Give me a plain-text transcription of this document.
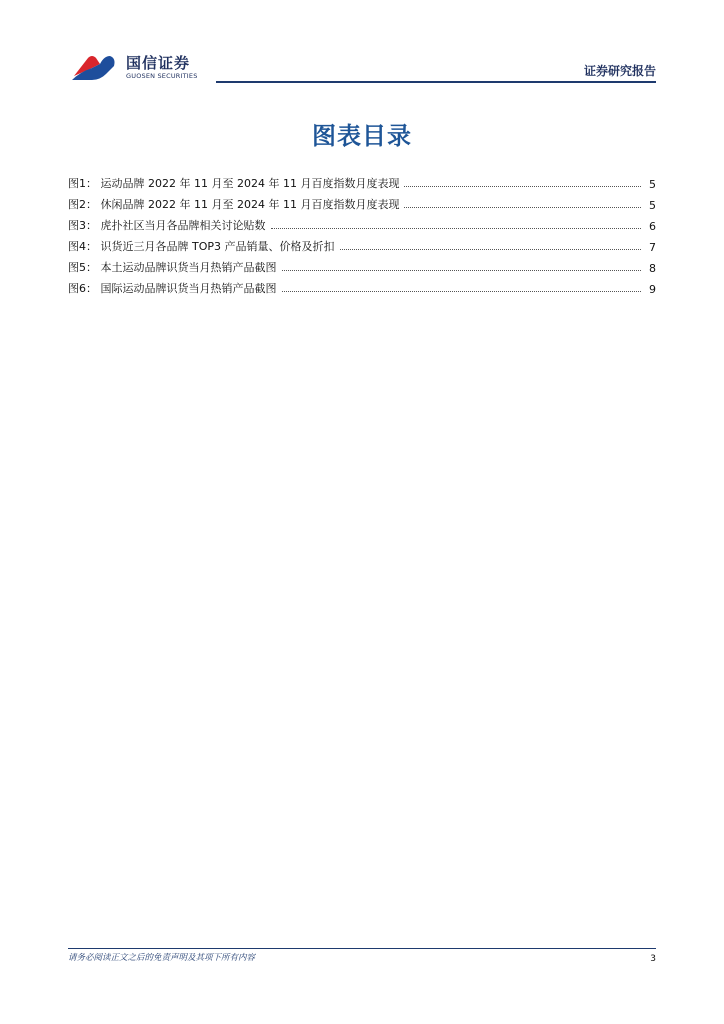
国信证券
GUOSEN SECURITIES	证券研究报告
图表目录
图1： 运动品牌 2022 年 11 月至 2024 年 11 月百度指数月度表现	5
图2： 休闲品牌 2022 年 11 月至 2024 年 11 月百度指数月度表现	5
图3： 虎扑社区当月各品牌相关讨论贴数	6
图4： 识货近三月各品牌 TOP3 产品销量、价格及折扣	7
图5： 本土运动品牌识货当月热销产品截图	8
图6： 国际运动品牌识货当月热销产品截图	9
请务必阅读正文之后的免责声明及其项下所有内容	3
